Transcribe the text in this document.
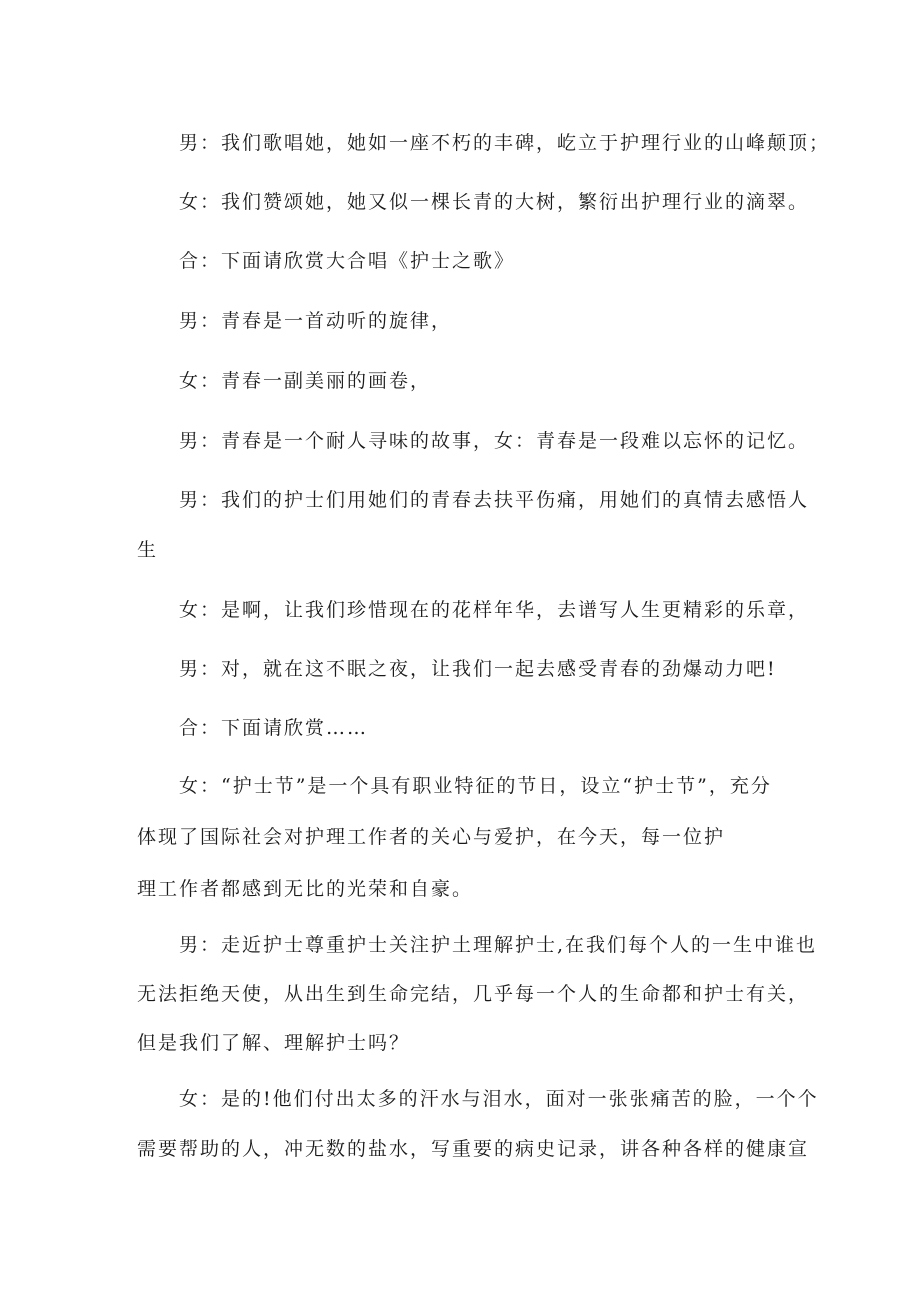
男：我们歌唱她，她如一座不朽的丰碑，屹立于护理行业的山峰颠顶；

女：我们赞颂她，她又似一棵长青的大树，繁衍出护理行业的滴翠。

合：下面请欣赏大合唱《护士之歌》

男：青春是一首动听的旋律，

女：青春一副美丽的画卷，

男：青春是一个耐人寻味的故事，女：青春是一段难以忘怀的记忆。

男：我们的护士们用她们的青春去扶平伤痛，用她们的真情去感悟人

生

女：是啊，让我们珍惜现在的花样年华，去谱写人生更精彩的乐章，

男：对，就在这不眠之夜，让我们一起去感受青春的劲爆动力吧!

合：下面请欣赏……

女：“护士节”是一个具有职业特征的节日，设立“护士节”，充分

体现了国际社会对护理工作者的关心与爱护，在今天，每一位护

理工作者都感到无比的光荣和自豪。

男：走近护士尊重护士关注护土理解护士,在我们每个人的一生中谁也

无法拒绝天使，从出生到生命完结，几乎每一个人的生命都和护士有关，

但是我们了解、理解护士吗？

女：是的!他们付出太多的汗水与泪水，面对一张张痛苦的脸，一个个

需要帮助的人，冲无数的盐水，写重要的病史记录，讲各种各样的健康宣
